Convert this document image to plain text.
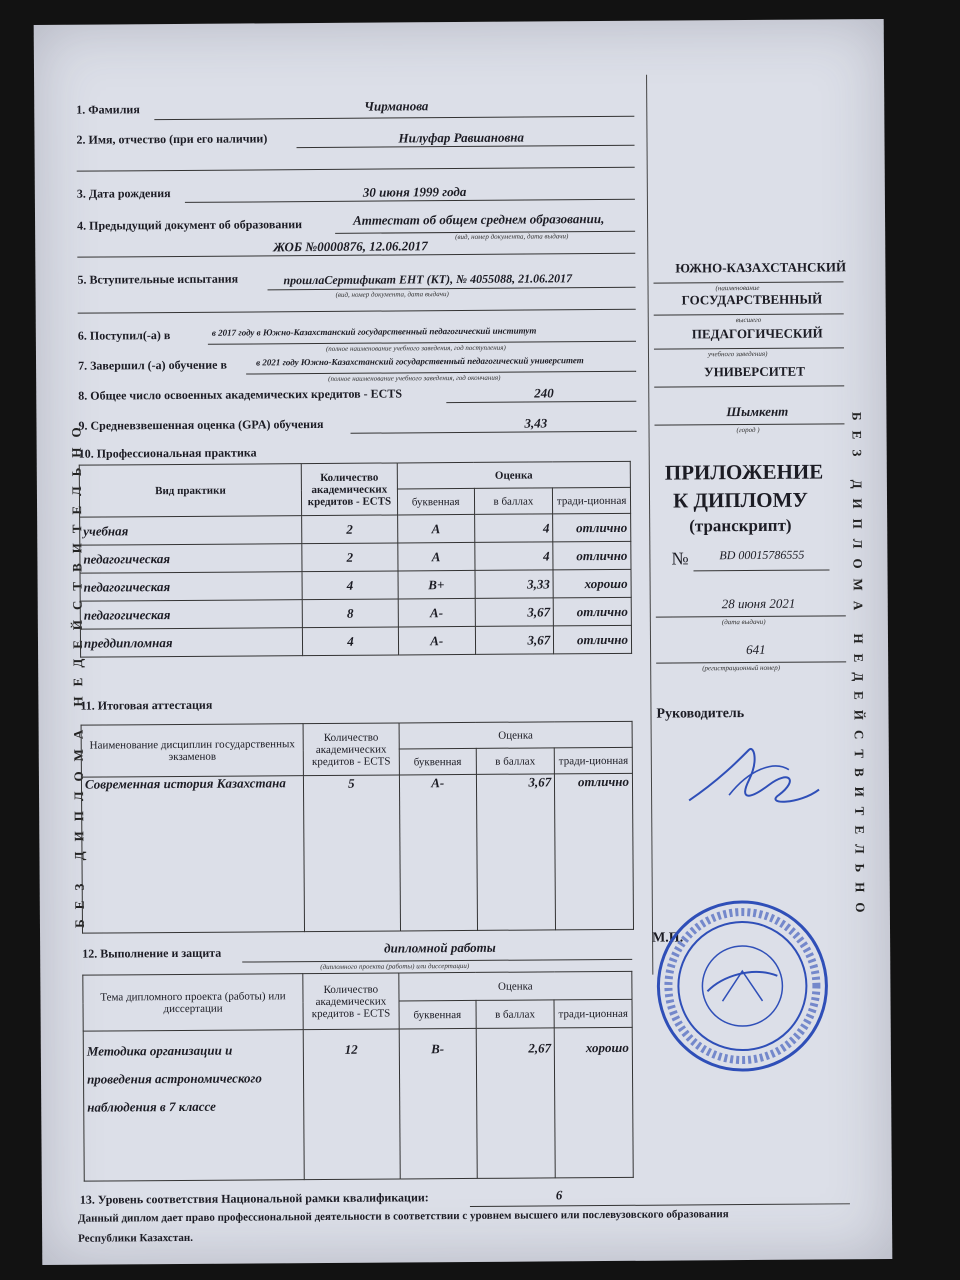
БЕЗ ДИПЛОМА НЕДЕЙСТВИТЕЛЬНО	БЕЗ ДИПЛОМА НЕДЕЙСТВИТЕЛЬНО
1. Фамилия	Чирманова
2. Имя, отчество (при его наличии)	Нилуфар Равшановна
3. Дата рождения	30 июня 1999 года
4. Предыдущий документ об образовании	Аттестат об общем среднем образовании,
(вид, номер документа, дата выдачи)
ЖОБ №0000876, 12.06.2017
5. Вступительные испытания	прошлаСертификат ЕНТ (КТ), № 4055088, 21.06.2017
(вид, номер документа, дата выдачи)
6. Поступил(-а) в	в 2017 году в Южно-Казахстанский государственный педагогический институт
(полное наименование учебного заведения, год поступления)
7. Завершил (-а) обучение в	в 2021 году Южно-Казахстанский государственный педагогический университет
(полное наименование учебного заведения, год окончания)
8. Общее число освоенных академических кредитов - ECTS	240
9. Средневзвешенная оценка (GPA) обучения	3,43
10. Профессиональная практика
Вид практики	Количество академических кредитов - ECTS	Оценка		
		буквенная	в баллах	тради-ционная
учебная	2	A	4	отлично
педагогическая	2	A	4	отлично
педагогическая	4	B+	3,33	хорошо
педагогическая	8	A-	3,67	отлично
преддипломная	4	A-	3,67	отлично
11. Итоговая аттестация
Наименование дисциплин государственных экзаменов	Количество академических кредитов - ECTS	Оценка		
		буквенная	в баллах	тради-ционная
Современная история Казахстана	5	A-	3,67	отлично
12. Выполнение и защита	дипломной работы
(дипломного проекта (работы) или диссертации)
Тема дипломного проекта (работы) или диссертации	Количество академических кредитов - ECTS	Оценка		
		буквенная	в баллах	тради-ционная

Методика организации и
проведения астрономического
наблюдения в 7 классе	12	B-	2,67	хорошо
13. Уровень соответствия Национальной рамки квалификации:	6
Данный диплом дает право профессиональной деятельности в соответствии с уровнем высшего или послевузовского образования
Республики Казахстан.
ЮЖНО-КАЗАХСТАНСКИЙ
(наименование
ГОСУДАРСТВЕННЫЙ
высшего
ПЕДАГОГИЧЕСКИЙ
учебного заведения)
УНИВЕРСИТЕТ
Шымкент
(город )
ПРИЛОЖЕНИЕ
К ДИПЛОМУ
(транскрипт)
№	BD 00015786555
28 июня 2021
(дата выдачи)
641
(регистрационный номер)
Руководитель
М.П.
